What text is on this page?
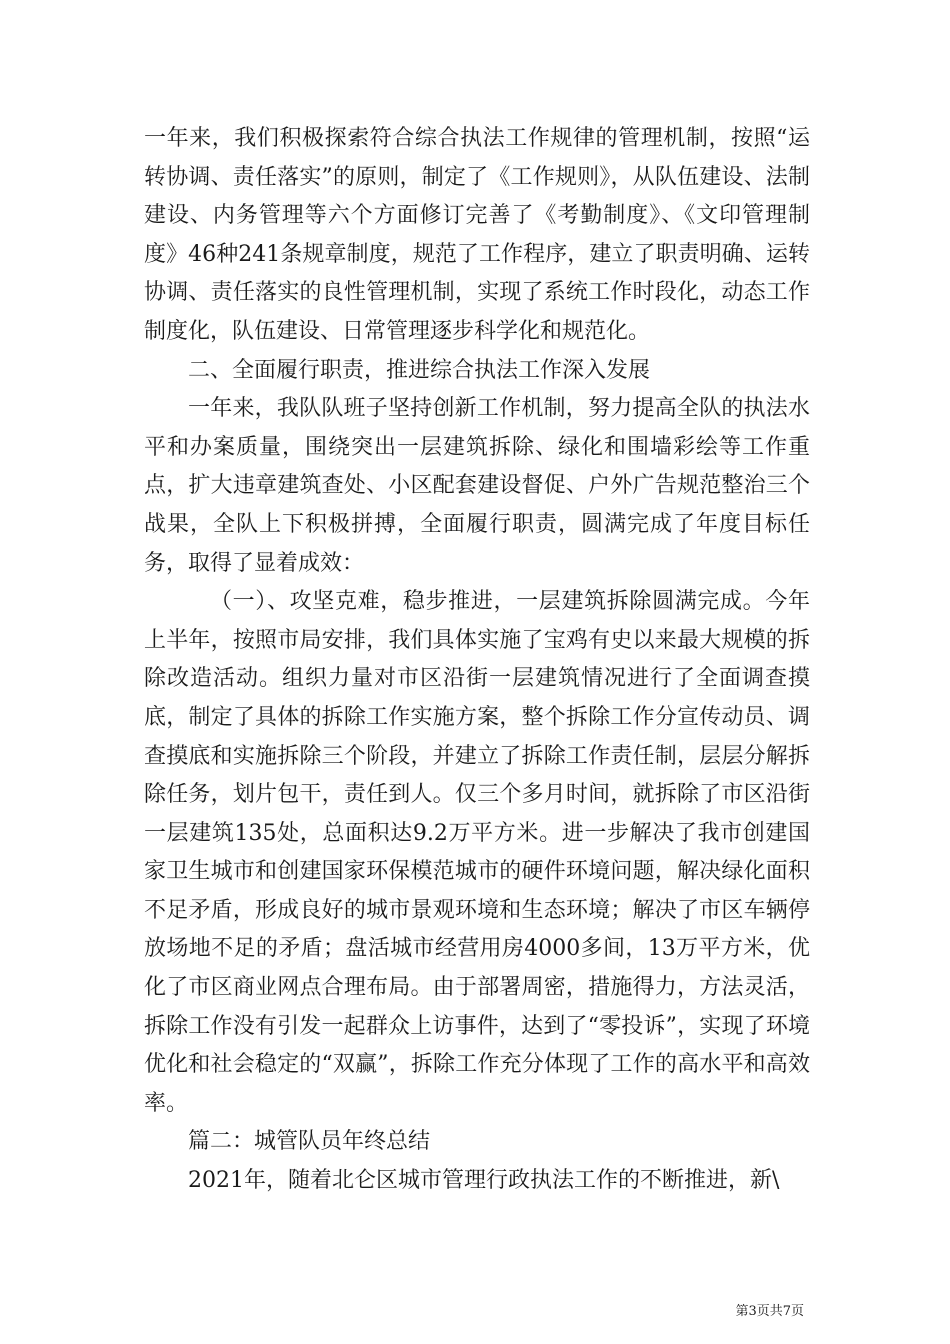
一年来，我们积极探索符合综合执法工作规律的管理机制，按照“运转协调、责任落实”的原则，制定了《工作规则》，从队伍建设、法制建设、内务管理等六个方面修订完善了《考勤制度》、《文印管理制度》46种241条规章制度，规范了工作程序，建立了职责明确、运转协调、责任落实的良性管理机制，实现了系统工作时段化，动态工作制度化，队伍建设、日常管理逐步科学化和规范化。

二、全面履行职责，推进综合执法工作深入发展

一年来，我队队班子坚持创新工作机制，努力提高全队的执法水平和办案质量，围绕突出一层建筑拆除、绿化和围墙彩绘等工作重点，扩大违章建筑查处、小区配套建设督促、户外广告规范整治三个战果，全队上下积极拼搏，全面履行职责，圆满完成了年度目标任务，取得了显着成效：

（一）、攻坚克难，稳步推进，一层建筑拆除圆满完成。今年上半年，按照市局安排，我们具体实施了宝鸡有史以来最大规模的拆除改造活动。组织力量对市区沿街一层建筑情况进行了全面调查摸底，制定了具体的拆除工作实施方案，整个拆除工作分宣传动员、调查摸底和实施拆除三个阶段，并建立了拆除工作责任制，层层分解拆除任务，划片包干，责任到人。仅三个多月时间，就拆除了市区沿街一层建筑135处，总面积达9.2万平方米。进一步解决了我市创建国家卫生城市和创建国家环保模范城市的硬件环境问题，解决绿化面积不足矛盾，形成良好的城市景观环境和生态环境；解决了市区车辆停放场地不足的矛盾；盘活城市经营用房4000多间，13万平方米，优化了市区商业网点合理布局。由于部署周密，措施得力，方法灵活，拆除工作没有引发一起群众上访事件，达到了“零投诉”，实现了环境优化和社会稳定的“双赢”，拆除工作充分体现了工作的高水平和高效率。

篇二：城管队员年终总结

2021年，随着北仑区城市管理行政执法工作的不断推进，新\

第3页共7页
